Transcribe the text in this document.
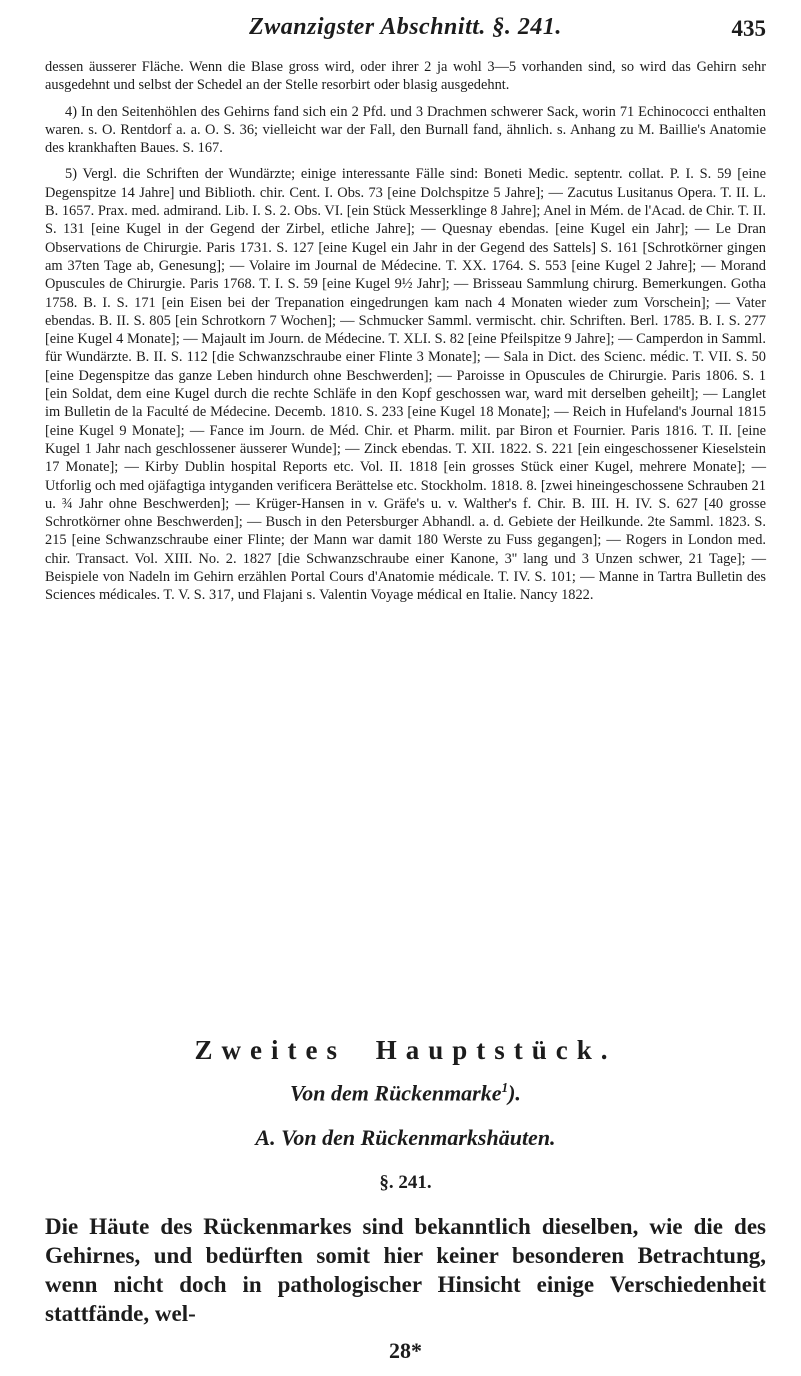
Zwanzigster Abschnitt. §. 241.	435

dessen äusserer Fläche. Wenn die Blase gross wird, oder ihrer 2 ja wohl 3—5 vorhanden sind, so wird das Gehirn sehr ausgedehnt und selbst der Schedel an der Stelle resorbirt oder blasig ausgedehnt.

4) In den Seitenhöhlen des Gehirns fand sich ein 2 Pfd. und 3 Drachmen schwerer Sack, worin 71 Echinococci enthalten waren. s. O. Rentdorf a. a. O. S. 36; vielleicht war der Fall, den Burnall fand, ähnlich. s. Anhang zu M. Baillie's Anatomie des krankhaften Baues. S. 167.

5) Vergl. die Schriften der Wundärzte; einige interessante Fälle sind: Boneti Medic. septentr. collat. P. I. S. 59 [eine Degenspitze 14 Jahre] und Biblioth. chir. Cent. I. Obs. 73 [eine Dolchspitze 5 Jahre]; — Zacutus Lusitanus Opera. T. II. L. B. 1657. Prax. med. admirand. Lib. I. S. 2. Obs. VI. [ein Stück Messerklinge 8 Jahre]; Anel in Mém. de l'Acad. de Chir. T. II. S. 131 [eine Kugel in der Gegend der Zirbel, etliche Jahre]; — Quesnay ebendas. [eine Kugel ein Jahr]; — Le Dran Observations de Chirurgie. Paris 1731. S. 127 [eine Kugel ein Jahr in der Gegend des Sattels] S. 161 [Schrotkörner gingen am 37ten Tage ab, Genesung]; — Volaire im Journal de Médecine. T. XX. 1764. S. 553 [eine Kugel 2 Jahre]; — Morand Opuscules de Chirurgie. Paris 1768. T. I. S. 59 [eine Kugel 9½ Jahr]; — Brisseau Sammlung chirurg. Bemerkungen. Gotha 1758. B. I. S. 171 [ein Eisen bei der Trepanation eingedrungen kam nach 4 Monaten wieder zum Vorschein]; — Vater ebendas. B. II. S. 805 [ein Schrotkorn 7 Wochen]; — Schmucker Samml. vermischt. chir. Schriften. Berl. 1785. B. I. S. 277 [eine Kugel 4 Monate]; — Majault im Journ. de Médecine. T. XLI. S. 82 [eine Pfeilspitze 9 Jahre]; — Camperdon in Samml. für Wundärzte. B. II. S. 112 [die Schwanzschraube einer Flinte 3 Monate]; — Sala in Dict. des Scienc. médic. T. VII. S. 50 [eine Degenspitze das ganze Leben hindurch ohne Beschwerden]; — Paroisse in Opuscules de Chirurgie. Paris 1806. S. 1 [ein Soldat, dem eine Kugel durch die rechte Schläfe in den Kopf geschossen war, ward mit derselben geheilt]; — Langlet im Bulletin de la Faculté de Médecine. Decemb. 1810. S. 233 [eine Kugel 18 Monate]; — Reich in Hufeland's Journal 1815 [eine Kugel 9 Monate]; — Fance im Journ. de Méd. Chir. et Pharm. milit. par Biron et Fournier. Paris 1816. T. II. [eine Kugel 1 Jahr nach geschlossener äusserer Wunde]; — Zinck ebendas. T. XII. 1822. S. 221 [ein eingeschossener Kieselstein 17 Monate]; — Kirby Dublin hospital Reports etc. Vol. II. 1818 [ein grosses Stück einer Kugel, mehrere Monate]; — Utforlig och med ojäfagtiga intyganden verificera Berättelse etc. Stockholm. 1818. 8. [zwei hineingeschossene Schrauben 21 u. ¾ Jahr ohne Beschwerden]; — Krüger-Hansen in v. Gräfe's u. v. Walther's f. Chir. B. III. H. IV. S. 627 [40 grosse Schrotkörner ohne Beschwerden]; — Busch in den Petersburger Abhandl. a. d. Gebiete der Heilkunde. 2te Samml. 1823. S. 215 [eine Schwanzschraube einer Flinte; der Mann war damit 180 Werste zu Fuss gegangen]; — Rogers in London med. chir. Transact. Vol. XIII. No. 2. 1827 [die Schwanzschraube einer Kanone, 3'' lang und 3 Unzen schwer, 21 Tage]; — Beispiele von Nadeln im Gehirn erzählen Portal Cours d'Anatomie médicale. T. IV. S. 101; — Manne in Tartra Bulletin des Sciences médicales. T. V. S. 317, und Flajani s. Valentin Voyage médical en Italie. Nancy 1822.

Zweites Hauptstück.
Von dem Rückenmarke$^1$).
A. Von den Rückenmarkshäuten.
§. 241.
Die Häute des Rückenmarkes sind bekanntlich dieselben, wie die des Gehirnes, und bedürften somit hier keiner besonderen Betrachtung, wenn nicht doch in pathologischer Hinsicht einige Verschiedenheit stattfände, wel-
28*
